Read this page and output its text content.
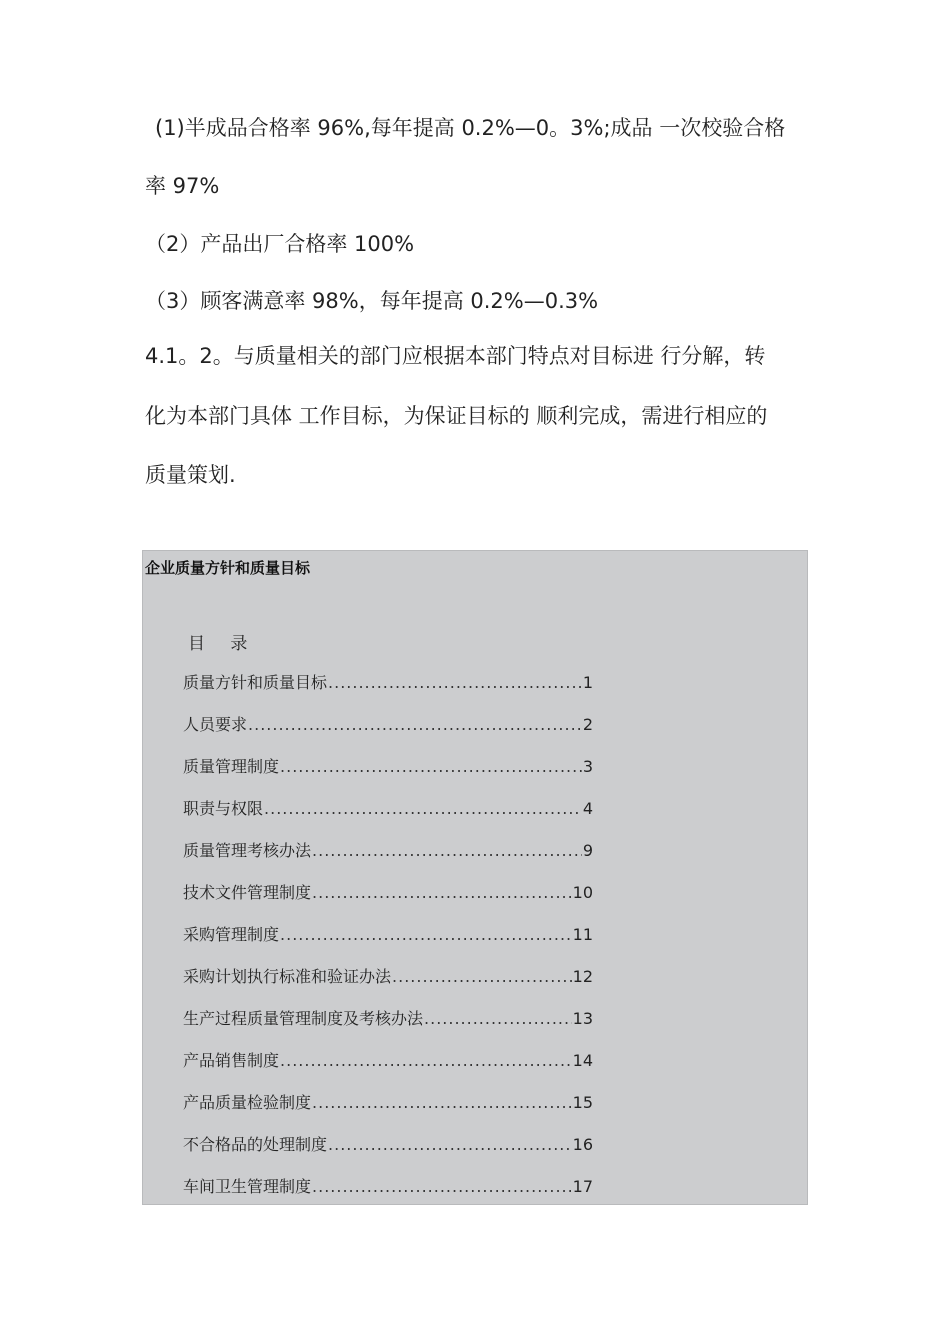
(1)半成品合格率 96%,每年提高 0.2%—0。3%;成品 一次校验合格

率 97%

（2）产品出厂合格率 100%

（3）顾客满意率 98%，每年提高 0.2%—0.3%

4.1。2。与质量相关的部门应根据本部门特点对目标进 行分解，转

化为本部门具体 工作目标，为保证目标的 顺利完成，需进行相应的

质量策划.

企业质量方针和质量目标
目 录
质量方针和质量目标 .....	1
人员要求 .....	2
质量管理制度 .....	3
职责与权限 .....	4
质量管理考核办法 .....	9
技术文件管理制度 .....	10
采购管理制度 .....	11
采购计划执行标准和验证办法 .....	12
生产过程质量管理制度及考核办法 .....	13
产品销售制度 .....	14
产品质量检验制度 .....	15
不合格品的处理制度 .....	16
车间卫生管理制度 .....	17
